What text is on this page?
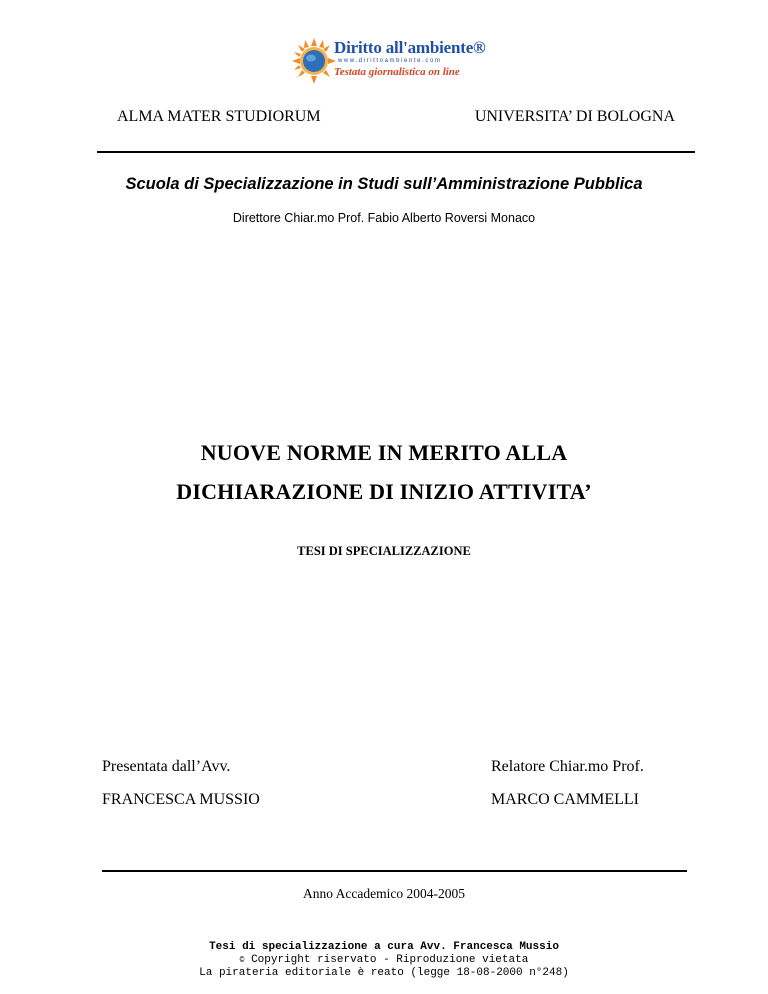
Diritto all'ambiente®
www.dirittoambiente.com
Testata giornalistica on line
ALMA MATER STUDIORUM	UNIVERSITA’ DI BOLOGNA
Scuola di Specializzazione in Studi sull’Amministrazione Pubblica
Direttore Chiar.mo Prof. Fabio Alberto Roversi Monaco
NUOVE NORME IN MERITO ALLA
DICHIARAZIONE DI INIZIO ATTIVITA’
TESI DI SPECIALIZZAZIONE
Presentata dall’Avv.
FRANCESCA MUSSIO
Relatore Chiar.mo Prof.
MARCO CAMMELLI
Anno Accademico 2004-2005
Tesi di specializzazione a cura Avv. Francesca Mussio
© Copyright riservato - Riproduzione vietata
La pirateria editoriale è reato (legge 18-08-2000 n°248)
